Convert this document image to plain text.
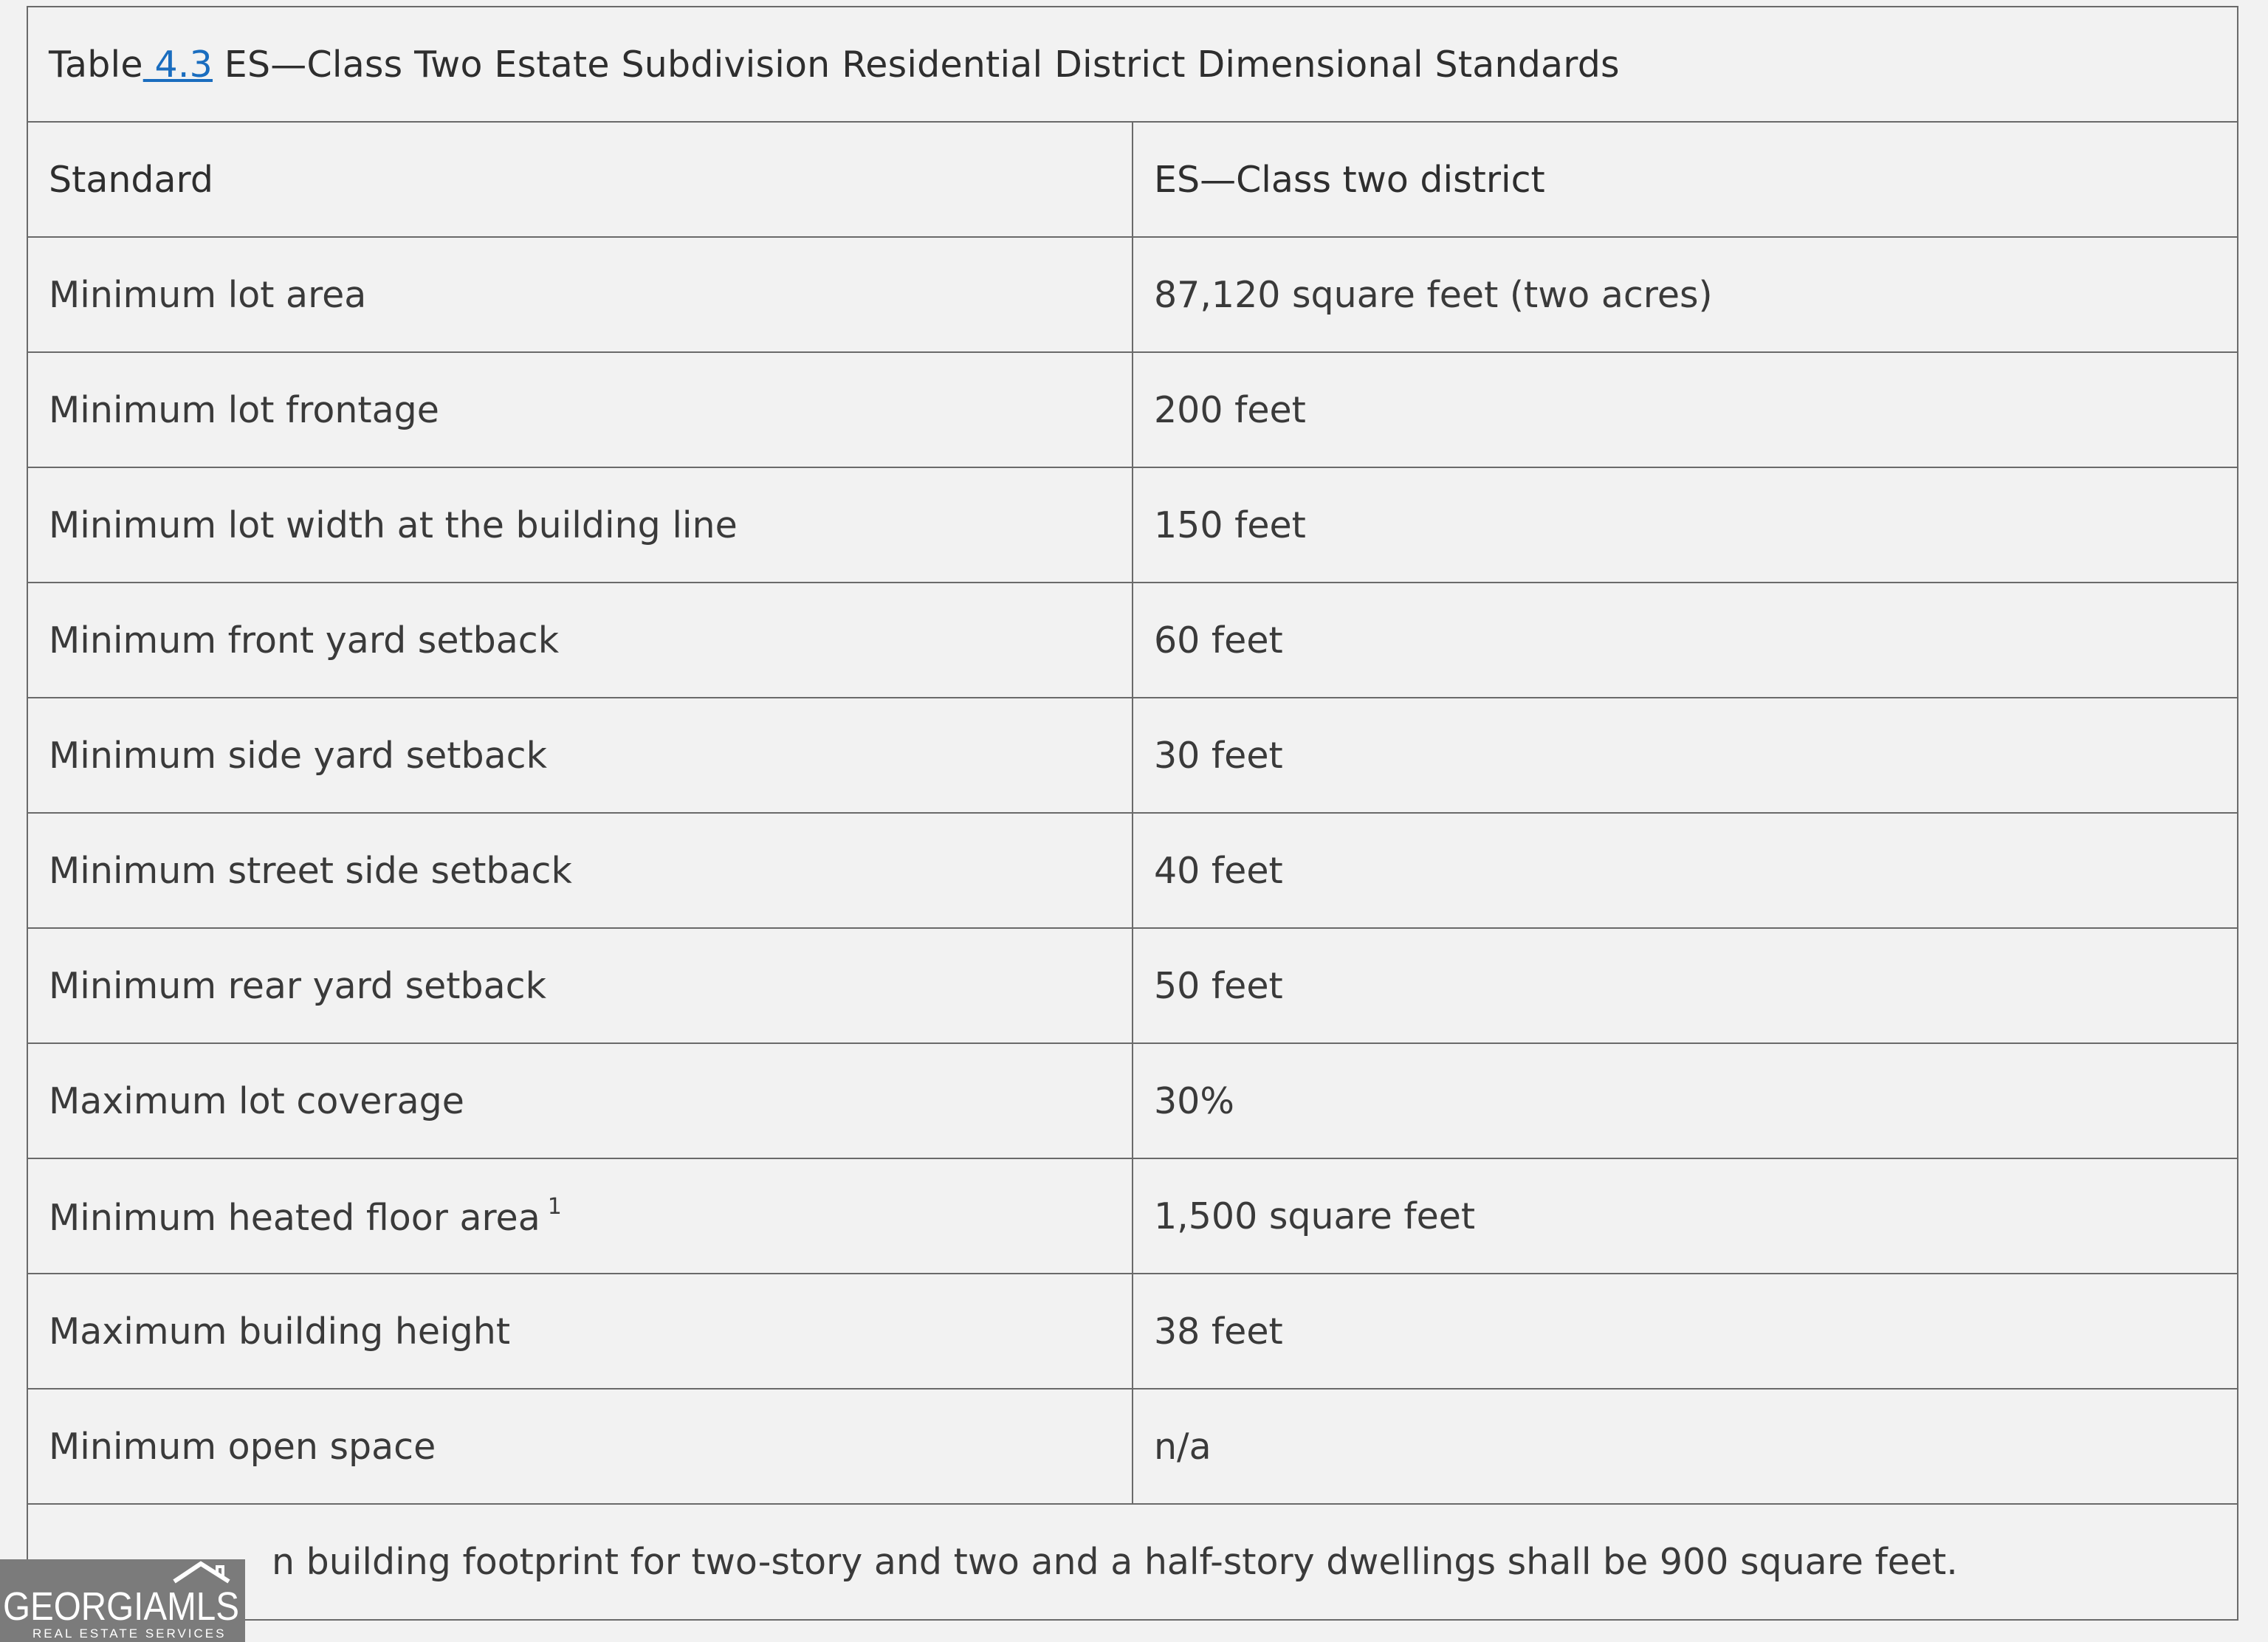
Table 4.3 ES—Class Two Estate Subdivision Residential District Dimensional Standards	
Standard	ES—Class two district
Minimum lot area	87,120 square feet (two acres)
Minimum lot frontage	200 feet
Minimum lot width at the building line	150 feet
Minimum front yard setback	60 feet
Minimum side yard setback	30 feet
Minimum street side setback	40 feet
Minimum rear yard setback	50 feet
Maximum lot coverage	30%
Minimum heated floor area $^1$	1,500 square feet
Maximum building height	38 feet
Minimum open space	n/a
n building footprint for two-story and two and a half-story dwellings shall be 900 square feet.	
GEORGIAMLS
REAL ESTATE SERVICES
